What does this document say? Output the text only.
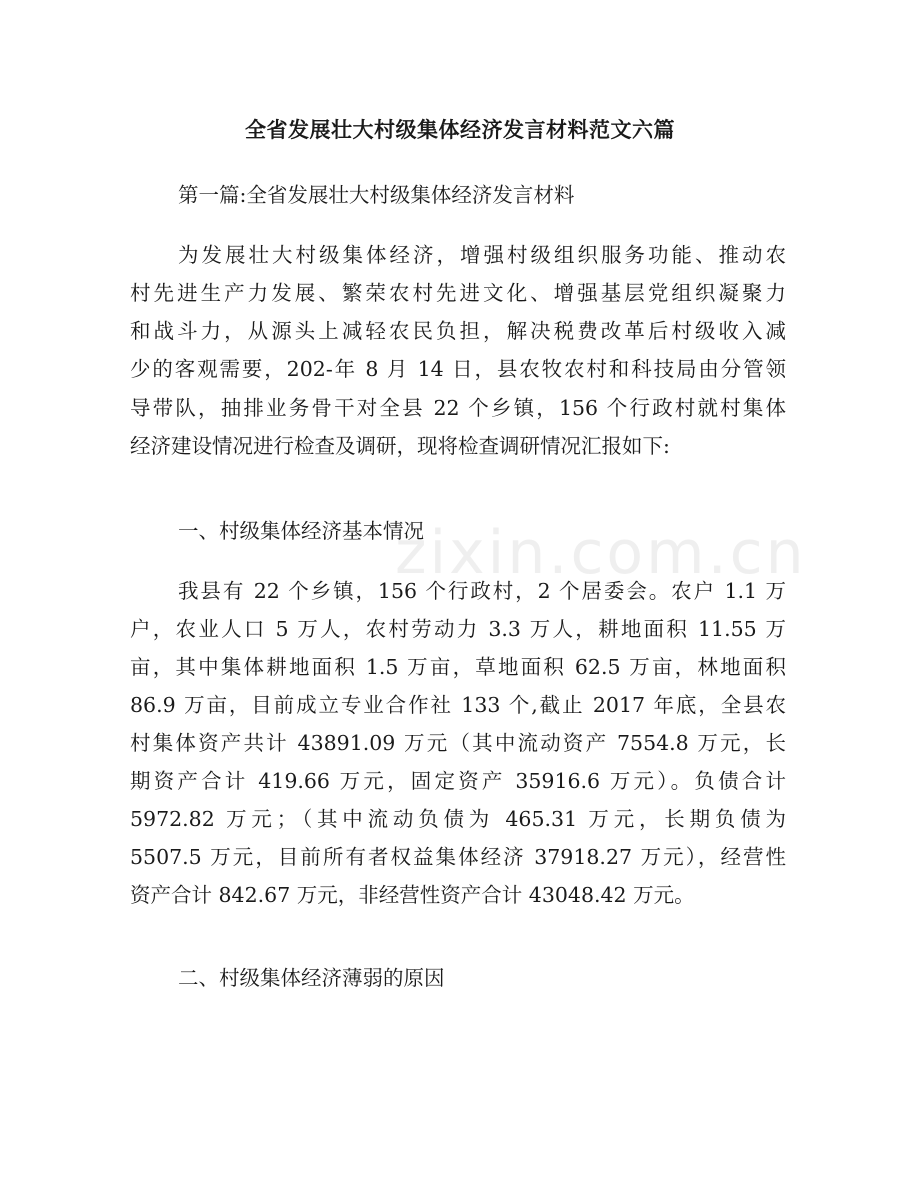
全省发展壮大村级集体经济发言材料范文六篇
第一篇:全省发展壮大村级集体经济发言材料
为发展壮大村级集体经济，增强村级组织服务功能、推动农
村先进生产力发展、繁荣农村先进文化、增强基层党组织凝聚力
和战斗力，从源头上减轻农民负担，解决税费改革后村级收入减
少的客观需要，202-年 8 月 14 日，县农牧农村和科技局由分管领
导带队，抽排业务骨干对全县 22 个乡镇，156 个行政村就村集体
经济建设情况进行检查及调研，现将检查调研情况汇报如下:
一、村级集体经济基本情况
我县有 22 个乡镇，156 个行政村，2 个居委会。农户 1.1 万
户，农业人口 5 万人，农村劳动力 3.3 万人，耕地面积 11.55 万
亩，其中集体耕地面积 1.5 万亩，草地面积 62.5 万亩，林地面积
86.9 万亩，目前成立专业合作社 133 个,截止 2017 年底，全县农
村集体资产共计 43891.09 万元（其中流动资产 7554.8 万元，长
期资产合计 419.66 万元，固定资产 35916.6 万元）。负债合计
5972.82 万元；（其中流动负债为 465.31 万元，长期负债为
5507.5 万元，目前所有者权益集体经济 37918.27 万元），经营性
资产合计 842.67 万元，非经营性资产合计 43048.42 万元。
二、村级集体经济薄弱的原因
zixin.com.cn
